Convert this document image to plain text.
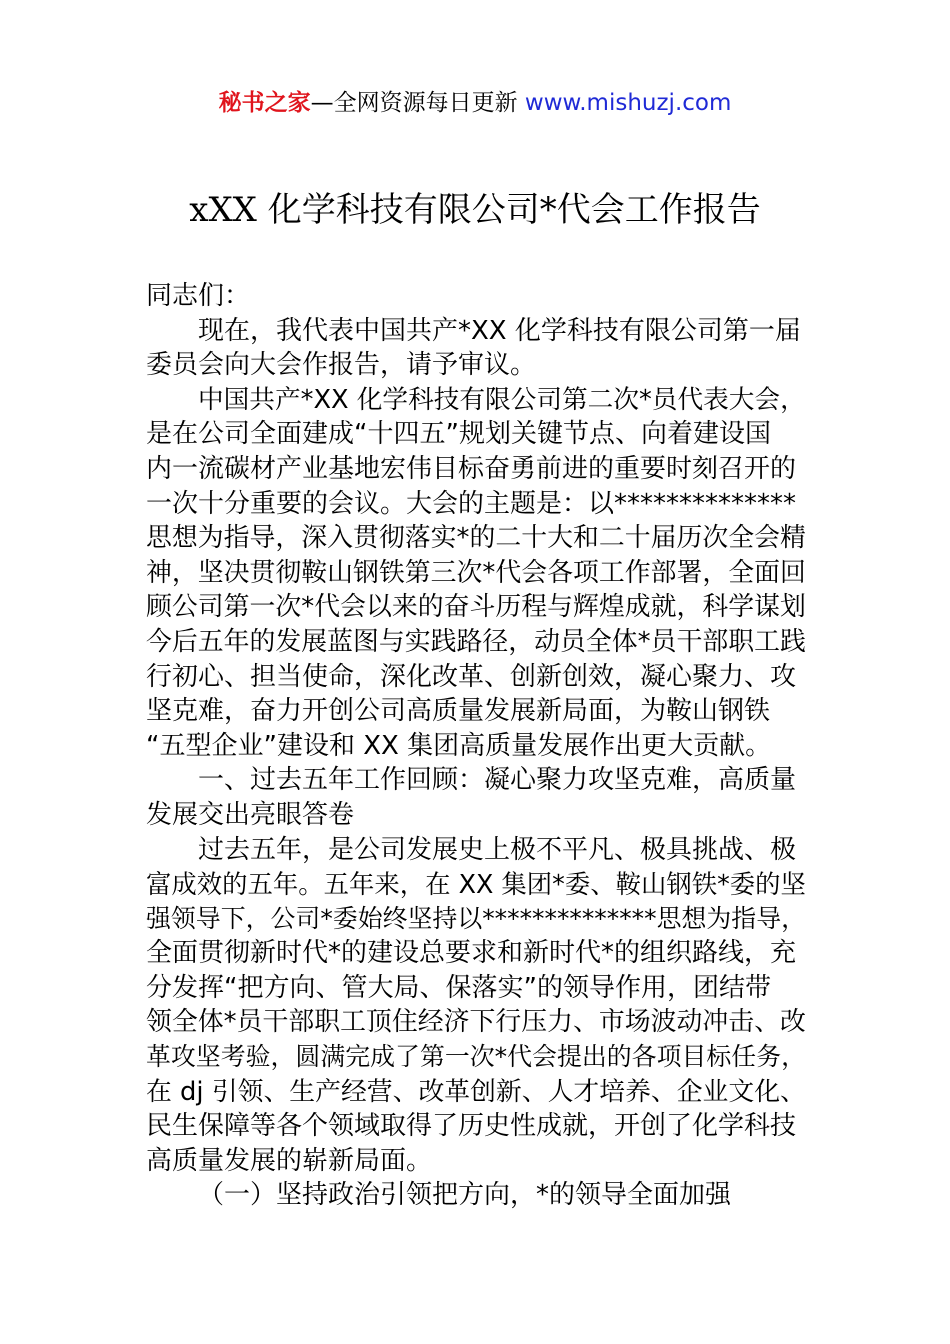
秘书之家—全网资源每日更新 www.mishuzj.com
xXX 化学科技有限公司*代会工作报告
同志们：
现在，我代表中国共产*XX 化学科技有限公司第一届
委员会向大会作报告，请予审议。
中国共产*XX 化学科技有限公司第二次*员代表大会，
是在公司全面建成“十四五”规划关键节点、向着建设国
内一流碳材产业基地宏伟目标奋勇前进的重要时刻召开的
一次十分重要的会议。大会的主题是：以**************
思想为指导，深入贯彻落实*的二十大和二十届历次全会精
神，坚决贯彻鞍山钢铁第三次*代会各项工作部署，全面回
顾公司第一次*代会以来的奋斗历程与辉煌成就，科学谋划
今后五年的发展蓝图与实践路径，动员全体*员干部职工践
行初心、担当使命，深化改革、创新创效，凝心聚力、攻
坚克难，奋力开创公司高质量发展新局面，为鞍山钢铁
“五型企业”建设和 XX 集团高质量发展作出更大贡献。
一、过去五年工作回顾：凝心聚力攻坚克难，高质量
发展交出亮眼答卷
过去五年，是公司发展史上极不平凡、极具挑战、极
富成效的五年。五年来，在 XX 集团*委、鞍山钢铁*委的坚
强领导下，公司*委始终坚持以**************思想为指导，
全面贯彻新时代*的建设总要求和新时代*的组织路线，充
分发挥“把方向、管大局、保落实”的领导作用，团结带
领全体*员干部职工顶住经济下行压力、市场波动冲击、改
革攻坚考验，圆满完成了第一次*代会提出的各项目标任务，
在 dj 引领、生产经营、改革创新、人才培养、企业文化、
民生保障等各个领域取得了历史性成就，开创了化学科技
高质量发展的崭新局面。
（一）坚持政治引领把方向，*的领导全面加强
